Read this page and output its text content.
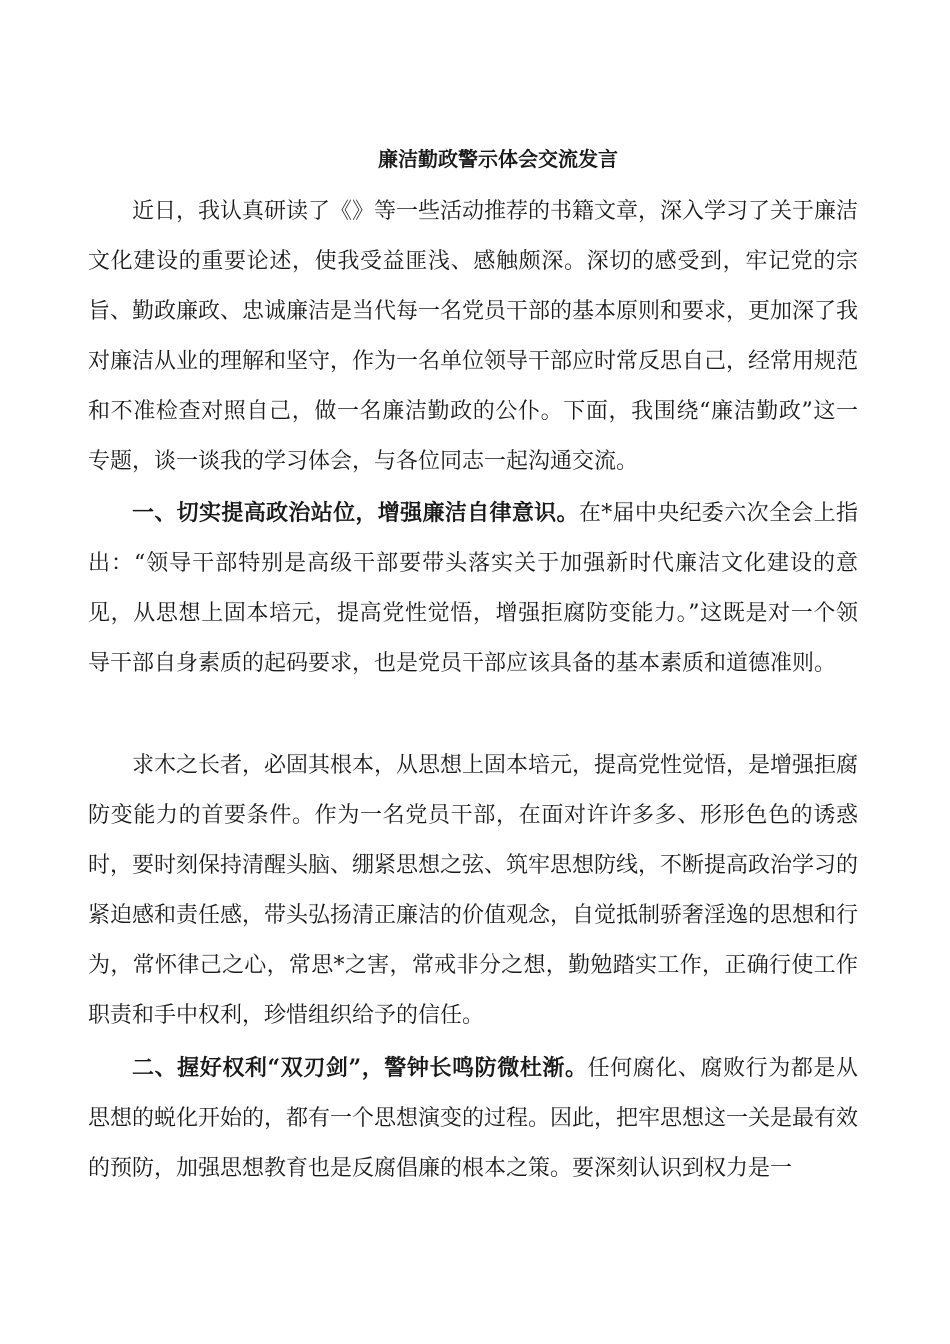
廉洁勤政警示体会交流发言

近日，我认真研读了《》等一些活动推荐的书籍文章，深入学习了关于廉洁文化建设的重要论述，使我受益匪浅、感触颇深。深切的感受到，牢记党的宗旨、勤政廉政、忠诚廉洁是当代每一名党员干部的基本原则和要求，更加深了我对廉洁从业的理解和坚守，作为一名单位领导干部应时常反思自己，经常用规范和不准检查对照自己，做一名廉洁勤政的公仆。下面，我围绕“廉洁勤政”这一专题，谈一谈我的学习体会，与各位同志一起沟通交流。

一、切实提高政治站位，增强廉洁自律意识。在*届中央纪委六次全会上指出：“领导干部特别是高级干部要带头落实关于加强新时代廉洁文化建设的意见，从思想上固本培元，提高党性觉悟，增强拒腐防变能力。”这既是对一个领导干部自身素质的起码要求，也是党员干部应该具备的基本素质和道德准则。

求木之长者，必固其根本，从思想上固本培元，提高党性觉悟，是增强拒腐防变能力的首要条件。作为一名党员干部，在面对许许多多、形形色色的诱惑时，要时刻保持清醒头脑、绷紧思想之弦、筑牢思想防线，不断提高政治学习的紧迫感和责任感，带头弘扬清正廉洁的价值观念，自觉抵制骄奢淫逸的思想和行为，常怀律己之心，常思*之害，常戒非分之想，勤勉踏实工作，正确行使工作职责和手中权利，珍惜组织给予的信任。

二、握好权利“双刃剑”，警钟长鸣防微杜渐。任何腐化、腐败行为都是从思想的蜕化开始的，都有一个思想演变的过程。因此，把牢思想这一关是最有效的预防，加强思想教育也是反腐倡廉的根本之策。要深刻认识到权力是一
